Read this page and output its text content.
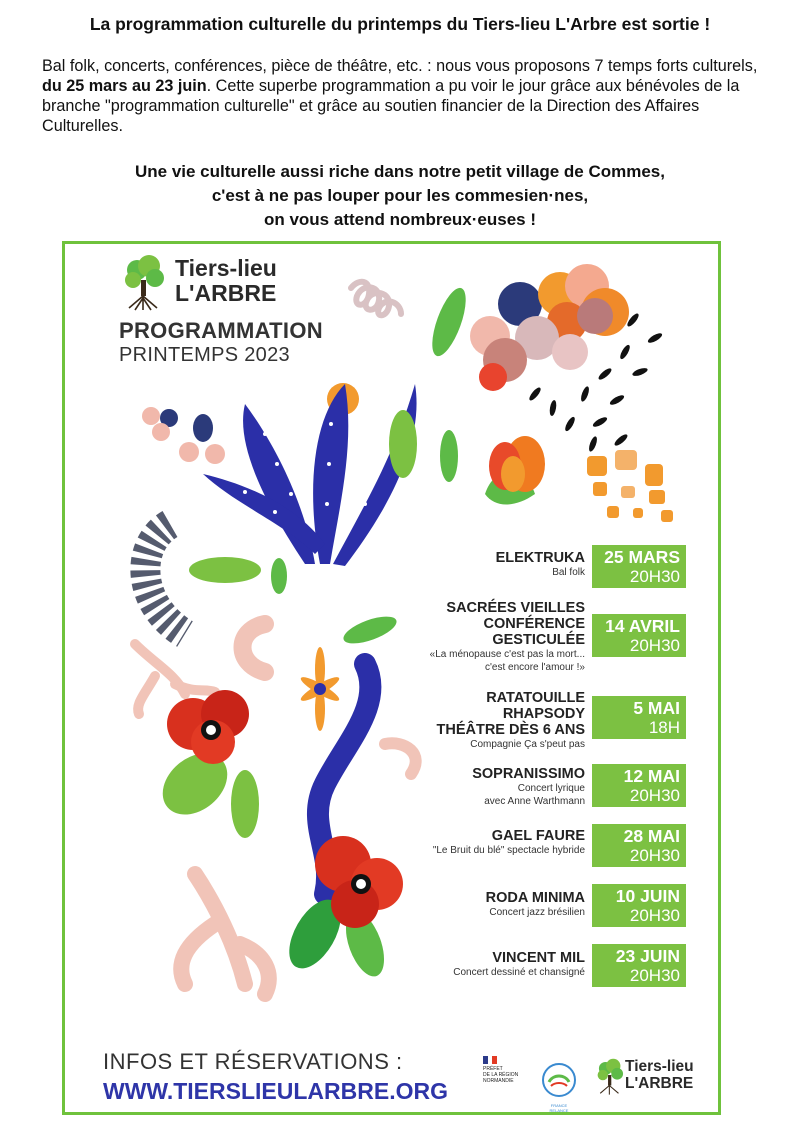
La programmation culturelle du printemps du Tiers-lieu L'Arbre est sortie !
Bal folk, concerts, conférences, pièce de théâtre, etc. : nous vous proposons 7 temps forts culturels, du 25 mars au 23 juin. Cette superbe programmation a pu voir le jour grâce aux bénévoles de la branche "programmation culturelle" et grâce au soutien financier de la Direction des Affaires Culturelles.
Une vie culturelle aussi riche dans notre petit village de Commes,
c'est à ne pas louper pour les commesien·nes,
on vous attend nombreux·euses !
Tiers-lieu
L'ARBRE
PROGRAMMATION
PRINTEMPS 2023
ELEKTRUKA
Bal folk
25 MARS
20H30
SACRÉES VIEILLES
CONFÉRENCE
GESTICULÉE
«La ménopause c'est pas la mort...
c'est encore l'amour !»
14 AVRIL
20H30
RATATOUILLE
RHAPSODY
THÉÂTRE DÈS 6 ANS
Compagnie Ça s'peut pas
5 MAI
18H
SOPRANISSIMO
Concert lyrique
avec Anne Warthmann
12 MAI
20H30
GAEL FAURE
"Le Bruit du blé" spectacle hybride
28 MAI
20H30
RODA MINIMA
Concert jazz brésilien
10 JUIN
20H30
VINCENT MIL
Concert dessiné et chansigné
23 JUIN
20H30
INFOS ET RÉSERVATIONS :
WWW.TIERSLIEULARBRE.ORG
PRÉFET
DE LA RÉGION
NORMANDIE
FRANCE RELANCE
Tiers-lieu
L'ARBRE
